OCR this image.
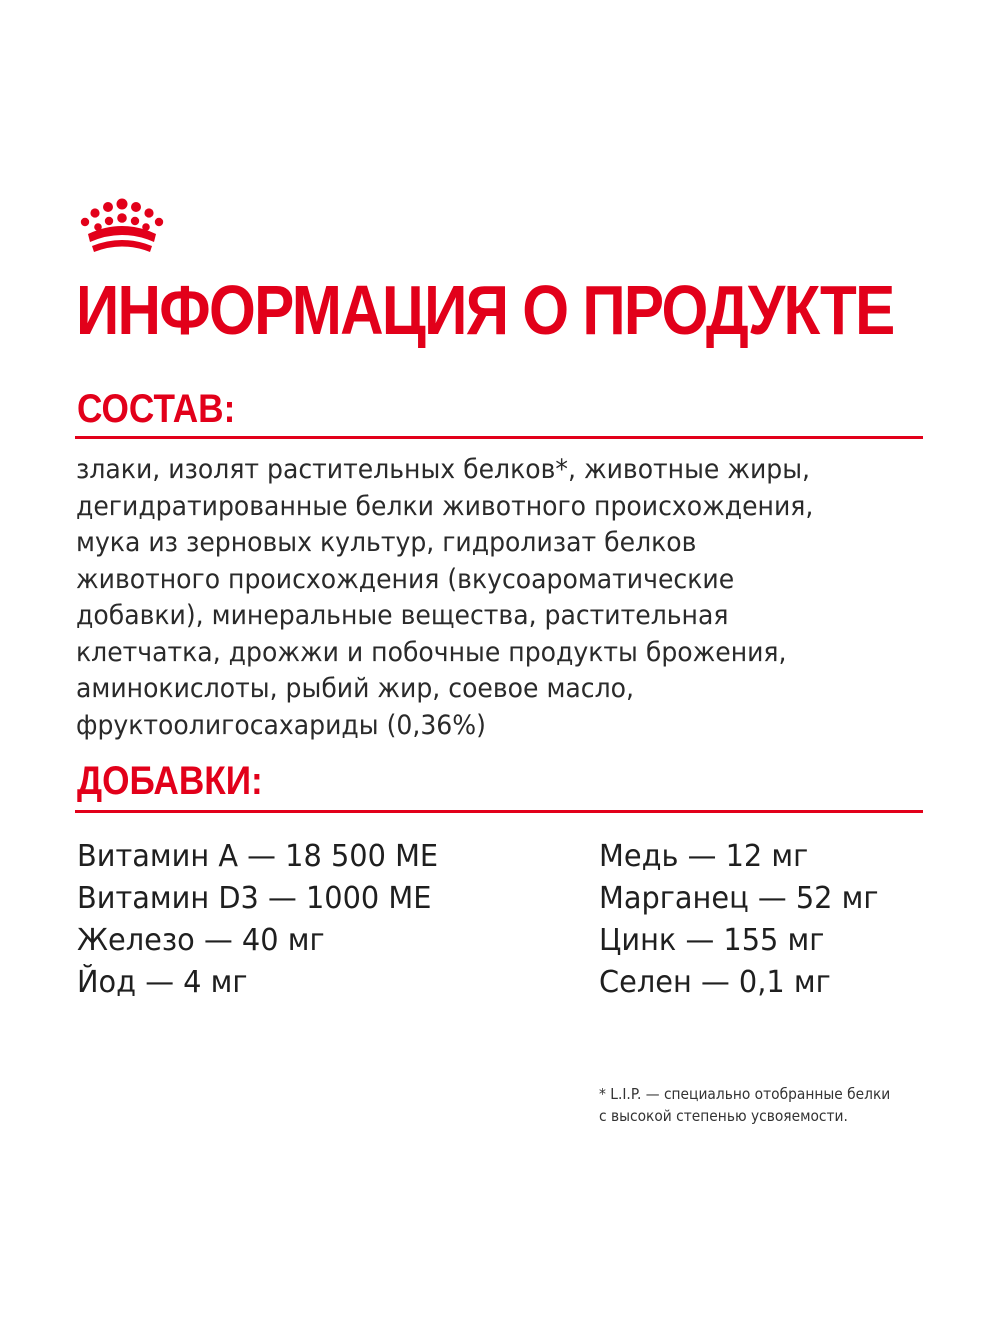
ИНФОРМАЦИЯ О ПРОДУКТЕ
СОСТАВ:

злаки, изолят растительных белков*, животные жиры,
дегидратированные белки животного происхождения,
мука из зерновых культур, гидролизат белков
животного происхождения (вкусоароматические
добавки), минеральные вещества, растительная
клетчатка, дрожжи и побочные продукты брожения,
аминокислоты, рыбий жир, соевое масло,
фруктоолигосахариды (0,36%)

ДОБАВКИ:
Витамин A — 18 500 МЕ
Витамин D3 — 1000 МЕ
Железо — 40 мг
Йод — 4 мг
Медь — 12 мг
Марганец — 52 мг
Цинк — 155 мг
Селен — 0,1 мг

* L.I.P. — специально отобранные белки
с высокой степенью усвояемости.
